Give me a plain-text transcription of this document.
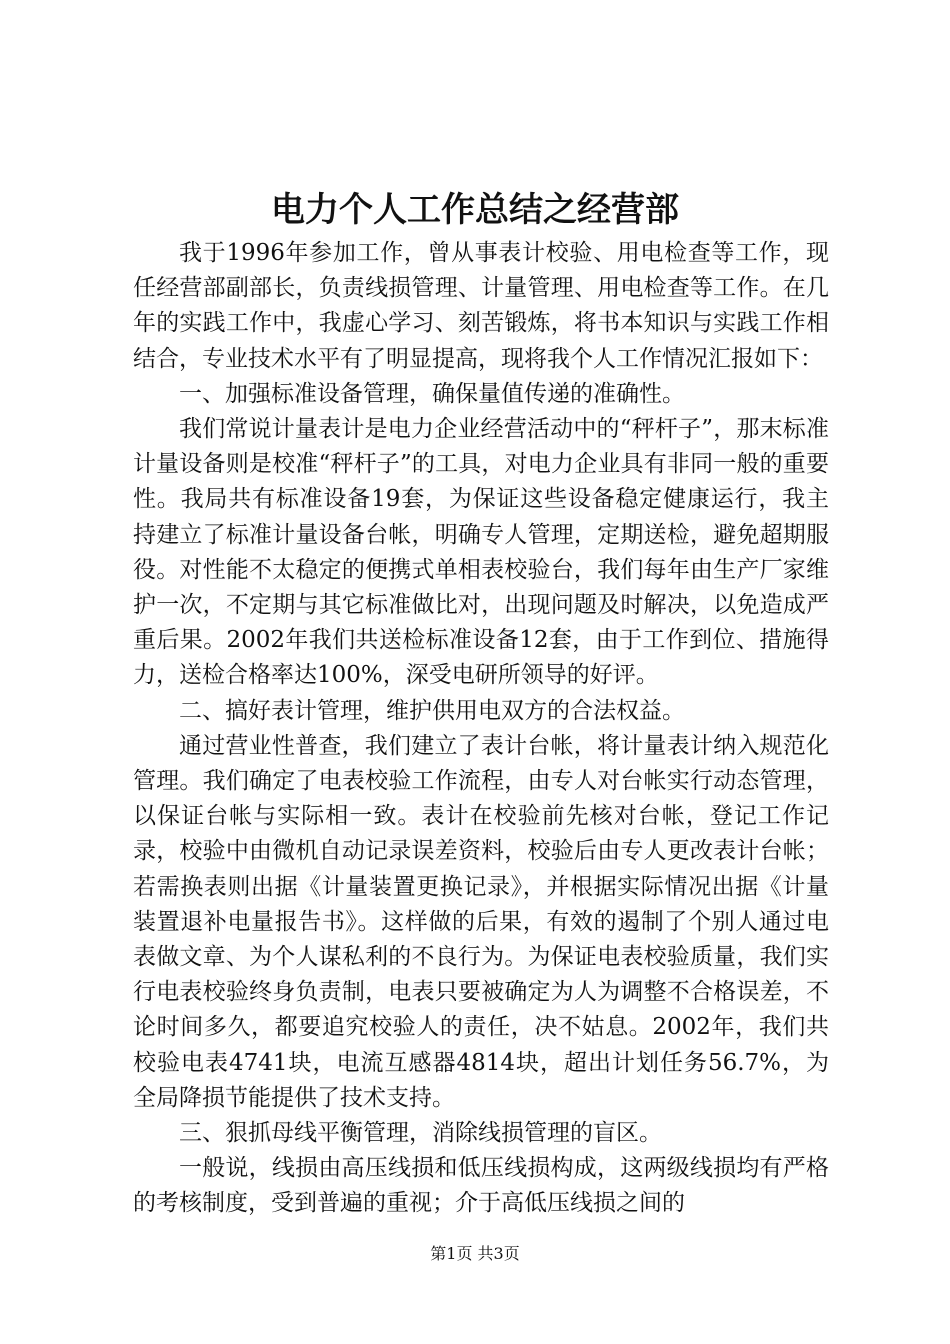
电力个人工作总结之经营部

我于1996年参加工作，曾从事表计校验、用电检查等工作，现任经营部副部长，负责线损管理、计量管理、用电检查等工作。在几年的实践工作中，我虚心学习、刻苦锻炼，将书本知识与实践工作相结合，专业技术水平有了明显提高，现将我个人工作情况汇报如下：

一、加强标准设备管理，确保量值传递的准确性。

我们常说计量表计是电力企业经营活动中的“秤杆子”，那末标准计量设备则是校准“秤杆子”的工具，对电力企业具有非同一般的重要性。我局共有标准设备19套，为保证这些设备稳定健康运行，我主持建立了标准计量设备台帐，明确专人管理，定期送检，避免超期服役。对性能不太稳定的便携式单相表校验台，我们每年由生产厂家维护一次，不定期与其它标准做比对，出现问题及时解决，以免造成严重后果。2002年我们共送检标准设备12套，由于工作到位、措施得力，送检合格率达100%，深受电研所领导的好评。

二、搞好表计管理，维护供用电双方的合法权益。

通过营业性普查，我们建立了表计台帐，将计量表计纳入规范化管理。我们确定了电表校验工作流程，由专人对台帐实行动态管理，以保证台帐与实际相一致。表计在校验前先核对台帐，登记工作记录，校验中由微机自动记录误差资料，校验后由专人更改表计台帐；若需换表则出据《计量装置更换记录》，并根据实际情况出据《计量装置退补电量报告书》。这样做的后果，有效的遏制了个别人通过电表做文章、为个人谋私利的不良行为。为保证电表校验质量，我们实行电表校验终身负责制，电表只要被确定为人为调整不合格误差，不论时间多久，都要追究校验人的责任，决不姑息。2002年，我们共校验电表4741块，电流互感器4814块，超出计划任务56.7%，为全局降损节能提供了技术支持。

三、狠抓母线平衡管理，消除线损管理的盲区。

一般说，线损由高压线损和低压线损构成，这两级线损均有严格的考核制度，受到普遍的重视；介于高低压线损之间的

第1页 共3页
